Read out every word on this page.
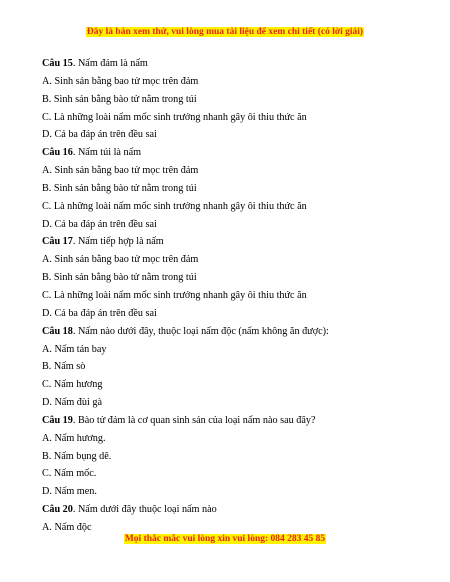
Đây là bản xem thử, vui lòng mua tài liệu để xem chi tiết (có lời giải)

Câu 15. Nấm đảm là nấm

A. Sinh sản bằng bao tử mọc trên đảm

B. Sinh sản bằng bào tử nằm trong túi

C. Là những loài nấm mốc sinh trưởng nhanh gây ôi thiu thức ăn

D. Cả ba đáp án trên đều sai

Câu 16. Nấm túi là nấm

A. Sinh sản bằng bao tử mọc trên đảm

B. Sinh sản bằng bào tử nằm trong túi

C. Là những loài nấm mốc sinh trưởng nhanh gây ôi thiu thức ăn

D. Cả ba đáp án trên đều sai

Câu 17. Nấm tiếp hợp là nấm

A. Sinh sản bằng bao tử mọc trên đảm

B. Sinh sản bằng bào tử nằm trong túi

C. Là những loài nấm mốc sinh trưởng nhanh gây ôi thiu thức ăn

D. Cả ba đáp án trên đều sai

Câu 18. Nấm nào dưới đây, thuộc loại nấm độc (nấm không ăn được):

A. Nấm tán bay

B. Nấm sò

C. Nấm hương

D. Nấm đùi gà

Câu 19. Bào tử đảm là cơ quan sinh sản của loại nấm nào sau đây?

A. Nấm hương.

B. Nấm bụng dê.

C. Nấm mốc.

D. Nấm men.

Câu 20. Nấm dưới đây thuộc loại nấm nào

A. Nấm độc

Mọi thắc mắc vui lòng xin vui lòng: 084 283 45 85
